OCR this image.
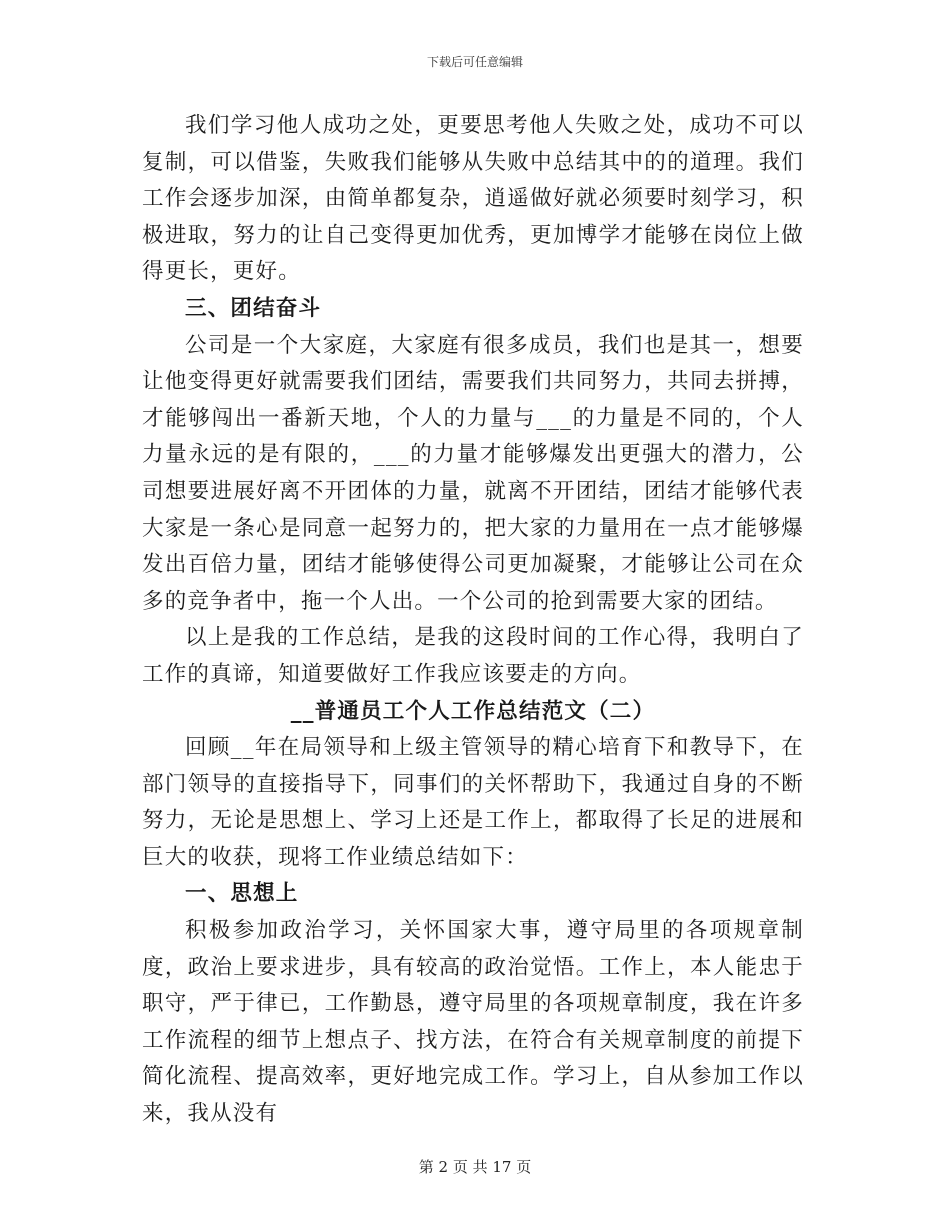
下载后可任意编辑

我们学习他人成功之处，更要思考他人失败之处，成功不可以复制，可以借鉴，失败我们能够从失败中总结其中的的道理。我们工作会逐步加深，由简单都复杂，逍遥做好就必须要时刻学习，积极进取，努力的让自己变得更加优秀，更加博学才能够在岗位上做得更长，更好。

三、团结奋斗

公司是一个大家庭，大家庭有很多成员，我们也是其一，想要让他变得更好就需要我们团结，需要我们共同努力，共同去拼搏，才能够闯出一番新天地，个人的力量与___的力量是不同的，个人力量永远的是有限的，___的力量才能够爆发出更强大的潜力，公司想要进展好离不开团体的力量，就离不开团结，团结才能够代表大家是一条心是同意一起努力的，把大家的力量用在一点才能够爆发出百倍力量，团结才能够使得公司更加凝聚，才能够让公司在众多的竞争者中，拖一个人出。一个公司的抢到需要大家的团结。

以上是我的工作总结，是我的这段时间的工作心得，我明白了工作的真谛，知道要做好工作我应该要走的方向。

__普通员工个人工作总结范文（二）

回顾__年在局领导和上级主管领导的精心培育下和教导下，在部门领导的直接指导下，同事们的关怀帮助下，我通过自身的不断努力，无论是思想上、学习上还是工作上，都取得了长足的进展和巨大的收获，现将工作业绩总结如下：

一、思想上

积极参加政治学习，关怀国家大事，遵守局里的各项规章制度，政治上要求进步，具有较高的政治觉悟。工作上，本人能忠于职守，严于律已，工作勤恳，遵守局里的各项规章制度，我在许多工作流程的细节上想点子、找方法，在符合有关规章制度的前提下简化流程、提高效率，更好地完成工作。学习上，自从参加工作以来，我从没有

第 2 页 共 17 页
